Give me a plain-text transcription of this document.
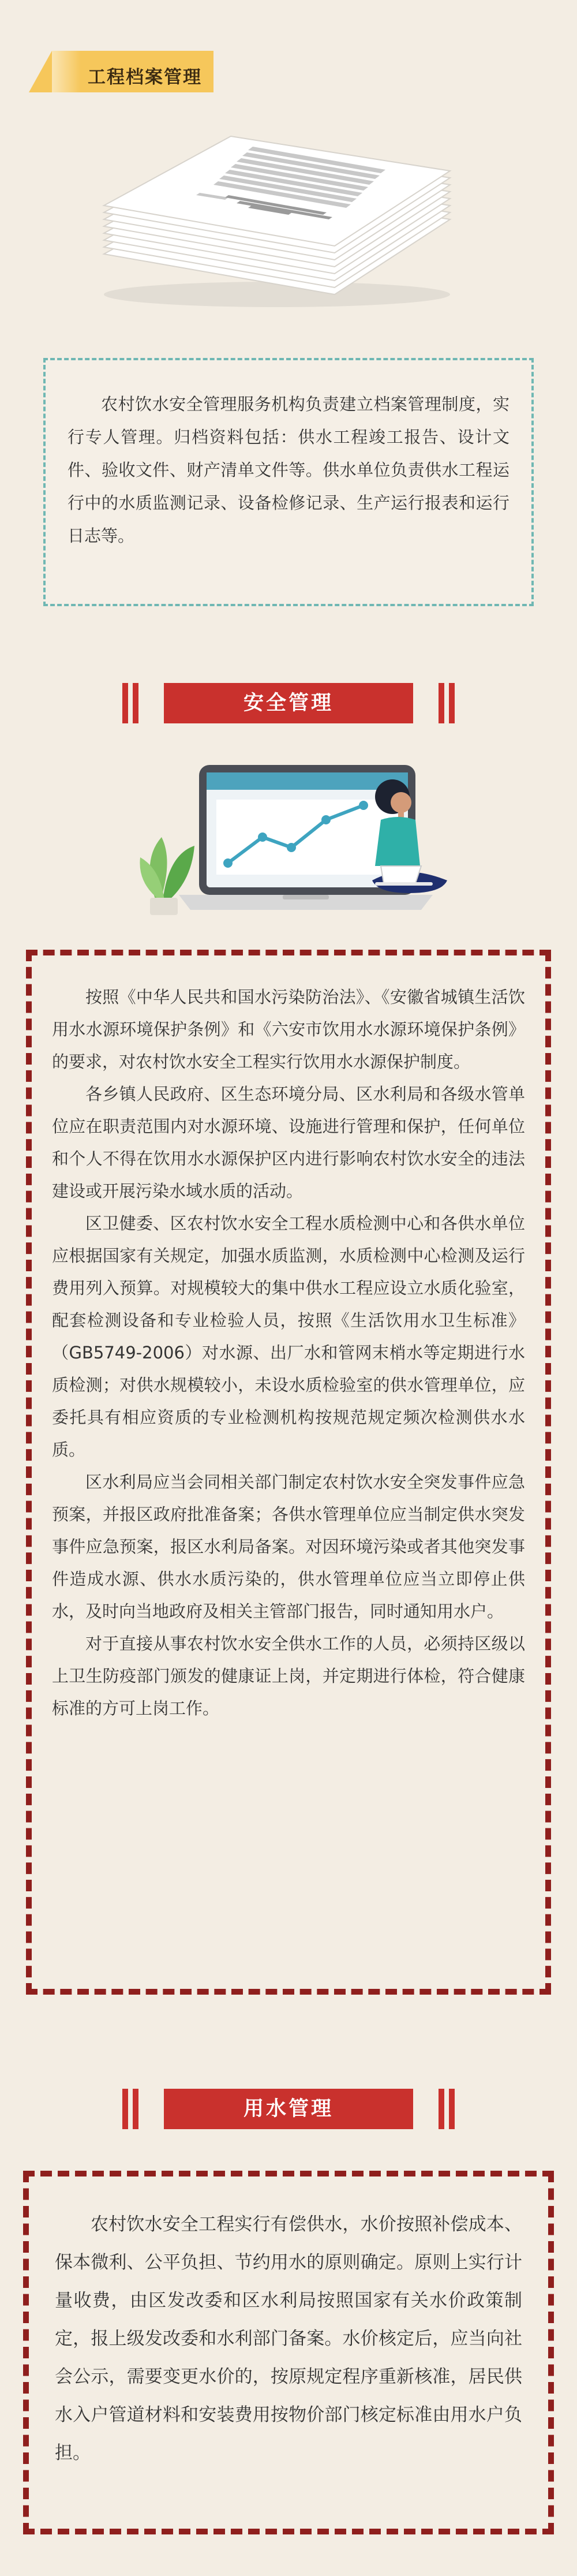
工程档案管理

农村饮水安全管理服务机构负责建立档案管理制度，实行专人管理。归档资料包括：供水工程竣工报告、设计文件、验收文件、财产清单文件等。供水单位负责供水工程运行中的水质监测记录、设备检修记录、生产运行报表和运行日志等。

安全管理

按照《中华人民共和国水污染防治法》、《安徽省城镇生活饮用水水源环境保护条例》和《六安市饮用水水源环境保护条例》的要求，对农村饮水安全工程实行饮用水水源保护制度。

各乡镇人民政府、区生态环境分局、区水利局和各级水管单位应在职责范围内对水源环境、设施进行管理和保护，任何单位和个人不得在饮用水水源保护区内进行影响农村饮水安全的违法建设或开展污染水域水质的活动。

区卫健委、区农村饮水安全工程水质检测中心和各供水单位应根据国家有关规定，加强水质监测，水质检测中心检测及运行费用列入预算。对规模较大的集中供水工程应设立水质化验室，配套检测设备和专业检验人员，按照《生活饮用水卫生标准》（GB5749-2006）对水源、出厂水和管网末梢水等定期进行水质检测；对供水规模较小，未设水质检验室的供水管理单位，应委托具有相应资质的专业检测机构按规范规定频次检测供水水质。

区水利局应当会同相关部门制定农村饮水安全突发事件应急预案，并报区政府批准备案；各供水管理单位应当制定供水突发事件应急预案，报区水利局备案。对因环境污染或者其他突发事件造成水源、供水水质污染的，供水管理单位应当立即停止供水，及时向当地政府及相关主管部门报告，同时通知用水户。

对于直接从事农村饮水安全供水工作的人员，必须持区级以上卫生防疫部门颁发的健康证上岗，并定期进行体检，符合健康标准的方可上岗工作。

用水管理

农村饮水安全工程实行有偿供水，水价按照补偿成本、保本微利、公平负担、节约用水的原则确定。原则上实行计量收费，由区发改委和区水利局按照国家有关水价政策制定，报上级发改委和水利部门备案。水价核定后，应当向社会公示，需要变更水价的，按原规定程序重新核准，居民供水入户管道材料和安装费用按物价部门核定标准由用水户负担。
